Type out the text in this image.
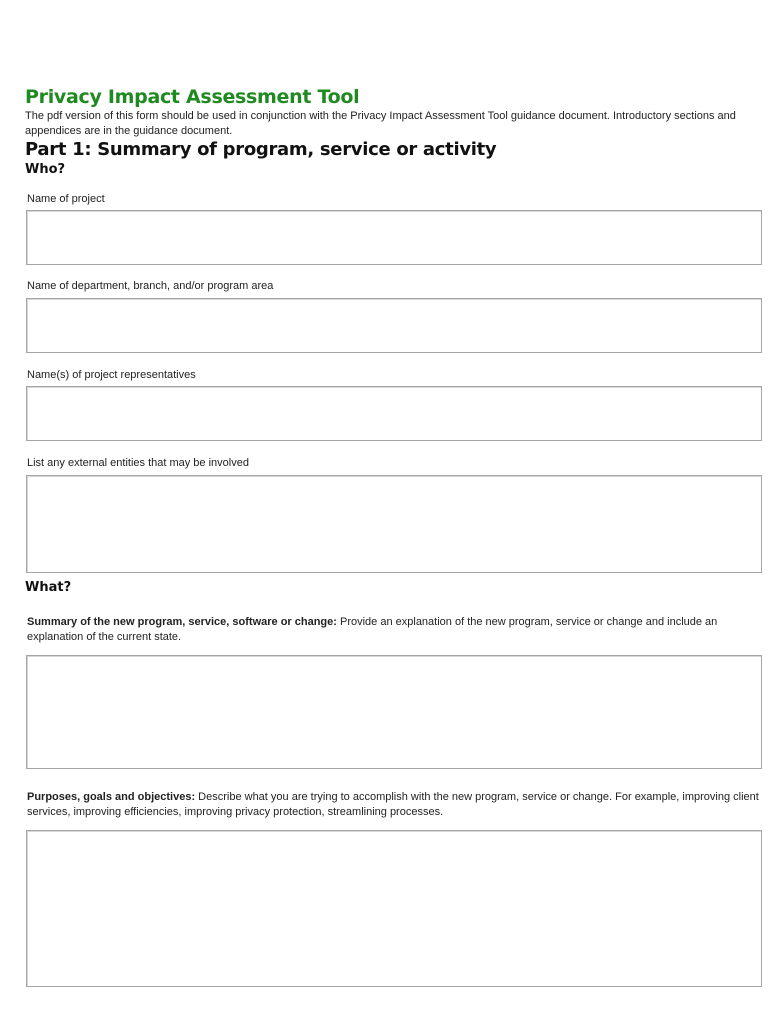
Privacy Impact Assessment Tool
The pdf version of this form should be used in conjunction with the Privacy Impact Assessment Tool guidance document. Introductory sections and appendices are in the guidance document.
Part 1: Summary of program, service or activity
Who?
Name of project
Name of department, branch, and/or program area
Name(s) of project representatives
List any external entities that may be involved
What?
Summary of the new program, service, software or change: Provide an explanation of the new program, service or change and include an explanation of the current state.
Purposes, goals and objectives: Describe what you are trying to accomplish with the new program, service or change. For example, improving client services, improving efficiencies, improving privacy protection, streamlining processes.
